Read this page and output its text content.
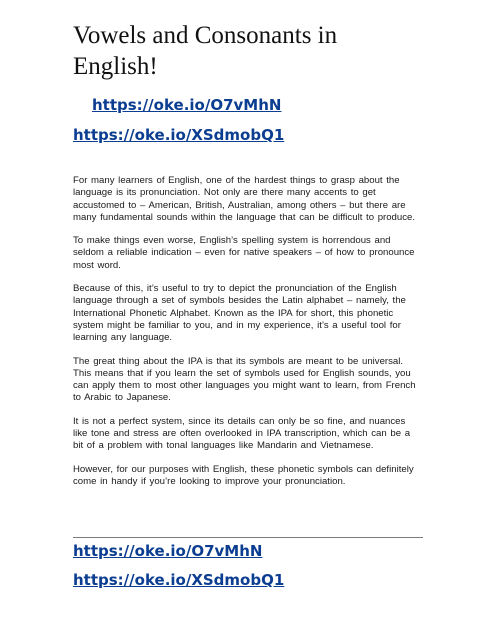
Vowels and Consonants in English!
https://oke.io/O7vMhN
https://oke.io/XSdmobQ1

For many learners of English, one of the hardest things to grasp about the language is its pronunciation. Not only are there many accents to get accustomed to – American, British, Australian, among others – but there are many fundamental sounds within the language that can be difficult to produce.

To make things even worse, English’s spelling system is horrendous and seldom a reliable indication – even for native speakers – of how to pronounce most word.

Because of this, it’s useful to try to depict the pronunciation of the English language through a set of symbols besides the Latin alphabet – namely, the International Phonetic Alphabet. Known as the IPA for short, this phonetic system might be familiar to you, and in my experience, it’s a useful tool for learning any language.

The great thing about the IPA is that its symbols are meant to be universal. This means that if you learn the set of symbols used for English sounds, you can apply them to most other languages you might want to learn, from French to Arabic to Japanese.

It is not a perfect system, since its details can only be so fine, and nuances like tone and stress are often overlooked in IPA transcription, which can be a bit of a problem with tonal languages like Mandarin and Vietnamese.

However, for our purposes with English, these phonetic symbols can definitely come in handy if you’re looking to improve your pronunciation.

https://oke.io/O7vMhN
https://oke.io/XSdmobQ1
